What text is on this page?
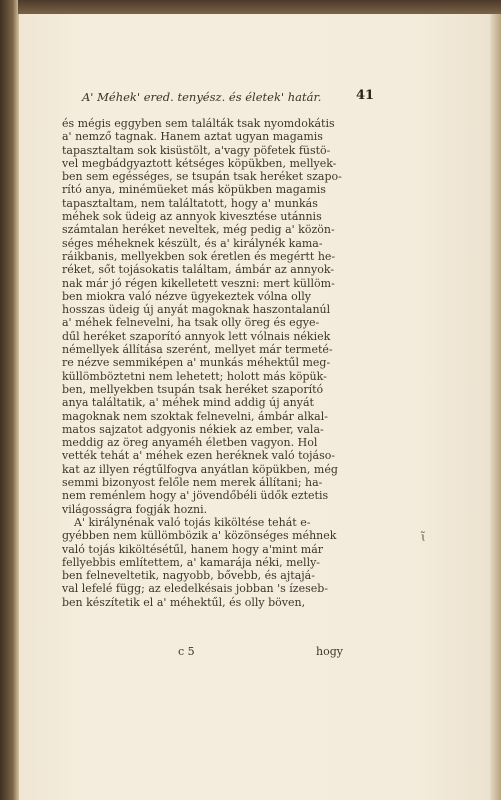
A' Méhek' ered. tenyész. és életek' határ.	41
és mégis eggyben sem találták tsak nyomdokátis
a' nemző tagnak. Hanem aztat ugyan magamis
tapasztaltam sok kisüstölt, a'vagy pöfetek füstö-
vel megbádgyaztott kétséges köpükben, mellyek-
ben sem egésséges, se tsupán tsak heréket szapo-
rító anya, minémüeket más köpükben magamis
tapasztaltam, nem találtatott, hogy a' munkás
méhek sok üdeig az annyok kivesztése utánnis
számtalan heréket neveltek, még pedig a' közön-
séges méheknek készült, és a' királynék kama-
ráikbanis, mellyekben sok éretlen és megértt he-
réket, sőt tojásokatis találtam, ámbár az annyok-
nak már jó régen kikelletett veszni: mert küllöm-
ben miokra való nézve ügyekeztek vólna olly
hosszas üdeig új anyát magoknak haszontalanúl
a' méhek felnevelni, ha tsak olly öreg és egye-
dűl heréket szaporító annyok lett vólnais nékiek
némellyek állítása szerént, mellyet már termeté-
re nézve semmiképen a' munkás méhektűl meg-
küllömböztetni nem lehetett; holott más köpük-
ben, mellyekben tsupán tsak heréket szaporító
anya találtatik, a' méhek mind addig új anyát
magoknak nem szoktak felnevelni, ámbár alkal-
matos sajzatot adgyonis nékiek az ember, vala-
meddig az öreg anyaméh életben vagyon. Hol
vették tehát a' méhek ezen heréknek való tojáso-
kat az illyen régtűlfogva anyátlan köpükben, még
semmi bizonyost felőle nem merek állítani; ha-
nem reménlem hogy a' jövendőbéli üdők eztetis
világosságra fogják hozni.
A' királynénak való tojás kiköltése tehát e-
gyébben nem küllömbözik a' közönséges méhnek
való tojás kiköltésétűl, hanem hogy a'mint már
fellyebbis említettem, a' kamarája néki, melly-
ben felneveltetik, nagyobb, bővebb, és ajtajá-
val lefelé függ; az eledelkésais jobban 's ízeseb-
ben készítetik el a' méhektűl, és olly böven,
ɩ̃
c 5	hogy
